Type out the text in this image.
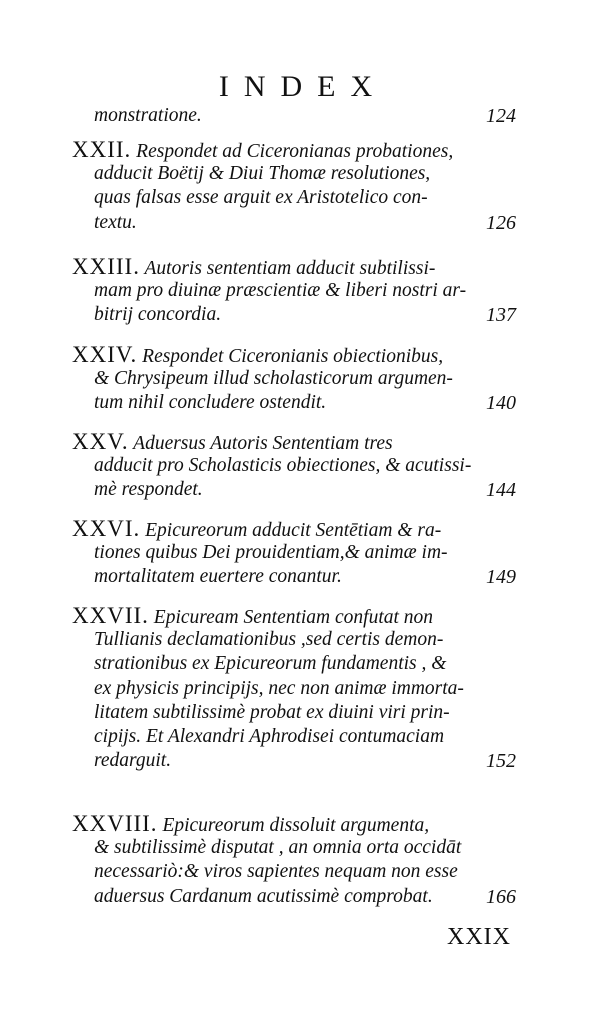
INDEX
monstratione.	124
XXII. Respondet ad Ciceronianas probationes,
adducit Boëtij & Diui Thomæ resolutiones,
quas falsas esse arguit ex Aristotelico con-
textu.	126
XXIII. Autoris sententiam adducit subtilissi-
mam pro diuinæ præscientiæ & liberi nostri ar-
bitrij concordia.	137
XXIV. Respondet Ciceronianis obiectionibus,
& Chrysipeum illud scholasticorum argumen-
tum nihil concludere ostendit.	140
XXV. Aduersus Autoris Sententiam tres
adducit pro Scholasticis obiectiones, & acutissi-
mè respondet.	144
XXVI. Epicureorum adducit Sentētiam & ra-
tiones quibus Dei prouidentiam,& animæ im-
mortalitatem euertere conantur.	149
XXVII. Epicuream Sententiam confutat non
Tullianis declamationibus ,sed certis demon-
strationibus ex Epicureorum fundamentis , &
ex physicis principijs, nec non animæ immorta-
litatem subtilissimè probat ex diuini viri prin-
cipijs. Et Alexandri Aphrodisei contumaciam
redarguit.	152
XXVIII. Epicureorum dissoluit argumenta,
& subtilissimè disputat , an omnia orta occidāt
necessariò:& viros sapientes nequam non esse
aduersus Cardanum acutissimè comprobat.	166
XXIX
